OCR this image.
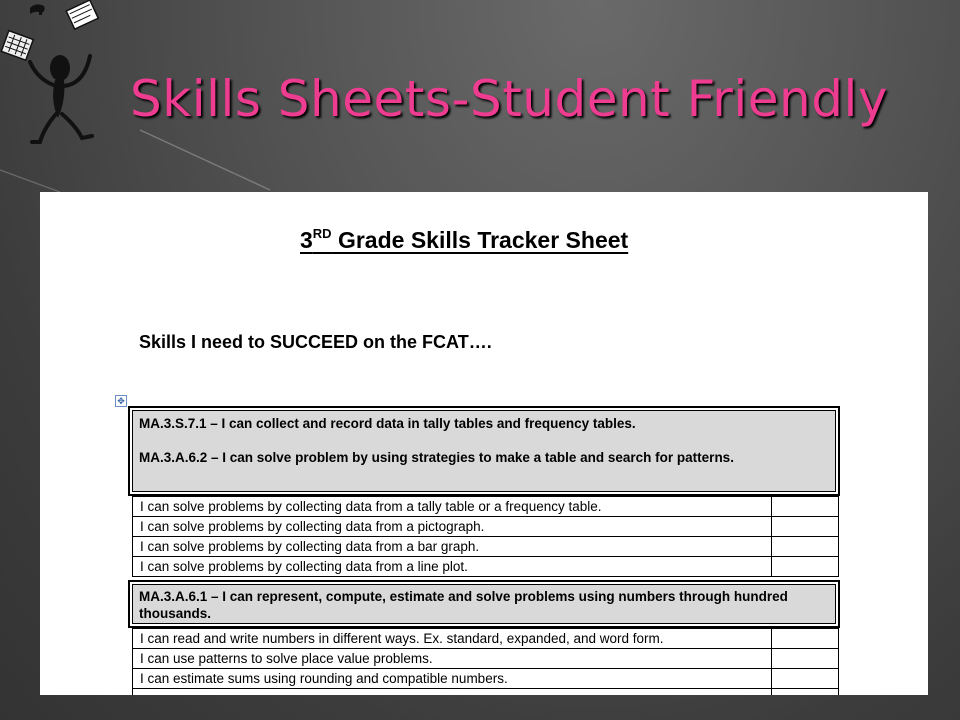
Skills Sheets-Student Friendly
3RD Grade Skills Tracker Sheet
Skills I need to SUCCEED on the FCAT….
✥

MA.3.S.7.1 – I can collect and record data in tally tables and frequency tables.

MA.3.A.6.2 – I can solve problem by using strategies to make a table and search for patterns.

I can solve problems by collecting data from a tally table or a frequency table.	
I can solve problems by collecting data from a pictograph.	
I can solve problems by collecting data from a bar graph.	
I can solve problems by collecting data from a line plot.	

MA.3.A.6.1 – I can represent, compute, estimate and solve problems using numbers through hundred thousands.

I can read and write numbers in different ways. Ex. standard, expanded, and word form.	
I can use patterns to solve place value problems.	
I can estimate sums using rounding and compatible numbers.	
